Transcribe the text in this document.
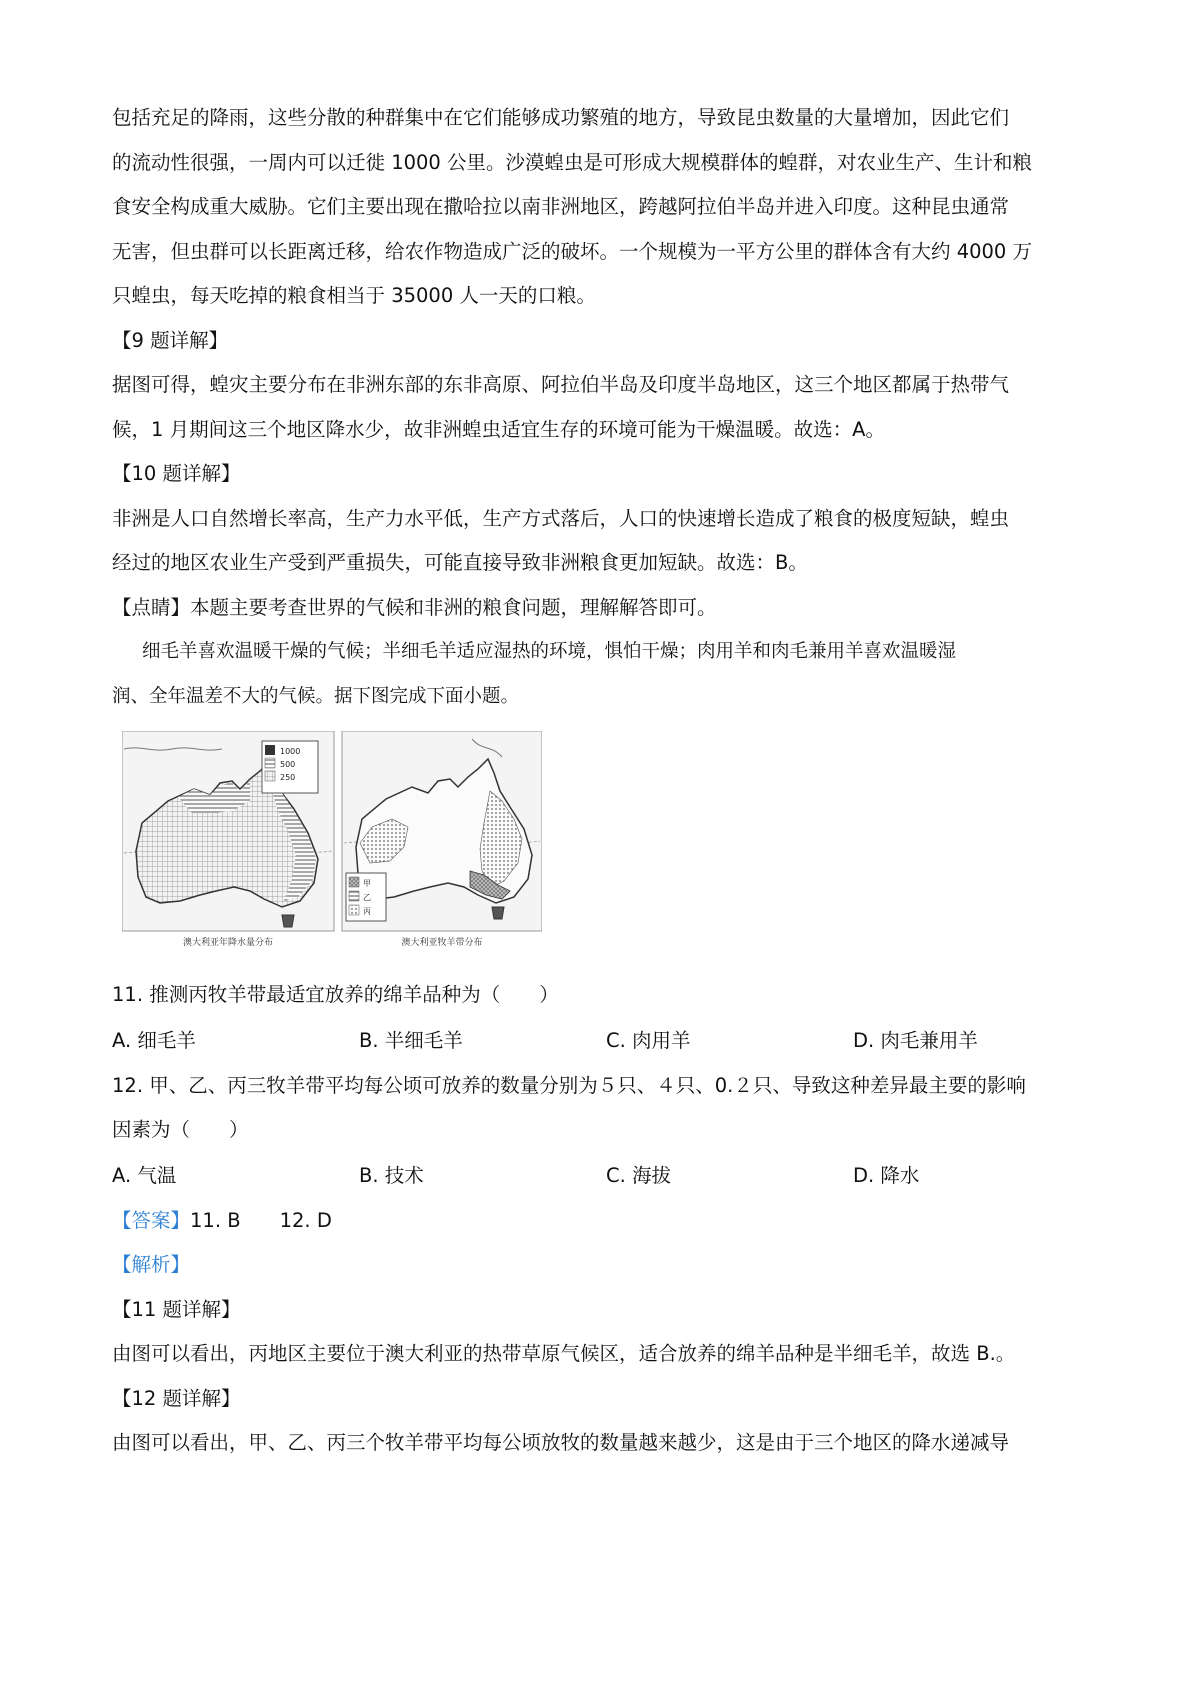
包括充足的降雨，这些分散的种群集中在它们能够成功繁殖的地方，导致昆虫数量的大量增加，因此它们

的流动性很强，一周内可以迁徙 1000 公里。沙漠蝗虫是可形成大规模群体的蝗群，对农业生产、生计和粮

食安全构成重大威胁。它们主要出现在撒哈拉以南非洲地区，跨越阿拉伯半岛并进入印度。这种昆虫通常

无害，但虫群可以长距离迁移，给农作物造成广泛的破坏。一个规模为一平方公里的群体含有大约 4000 万

只蝗虫，每天吃掉的粮食相当于 35000 人一天的口粮。

【9 题详解】

据图可得，蝗灾主要分布在非洲东部的东非高原、阿拉伯半岛及印度半岛地区，这三个地区都属于热带气

候，1 月期间这三个地区降水少，故非洲蝗虫适宜生存的环境可能为干燥温暖。故选：A。

【10 题详解】

非洲是人口自然增长率高，生产力水平低，生产方式落后，人口的快速增长造成了粮食的极度短缺，蝗虫

经过的地区农业生产受到严重损失，可能直接导致非洲粮食更加短缺。故选：B。

【点睛】本题主要考查世界的气候和非洲的粮食问题，理解解答即可。

细毛羊喜欢温暖干燥的气候；半细毛羊适应湿热的环境，惧怕干燥；肉用羊和肉毛兼用羊喜欢温暖湿

润、全年温差不大的气候。据下图完成下面小题。

1000
500
250
澳大利亚年降水量分布
甲
乙
丙
澳大利亚牧羊带分布

11. 推测丙牧羊带最适宜放养的绵羊品种为（　　）

A. 细毛羊	B. 半细毛羊	C. 肉用羊	D. 肉毛兼用羊

12. 甲、乙、丙三牧羊带平均每公顷可放养的数量分别为５只、４只、0.２只、导致这种差异最主要的影响

因素为（　　）

A. 气温	B. 技术	C. 海拔	D. 降水

【答案】11. B　　12. D

【解析】

【11 题详解】

由图可以看出，丙地区主要位于澳大利亚的热带草原气候区，适合放养的绵羊品种是半细毛羊，故选 B.。

【12 题详解】

由图可以看出，甲、乙、丙三个牧羊带平均每公顷放牧的数量越来越少，这是由于三个地区的降水递减导
